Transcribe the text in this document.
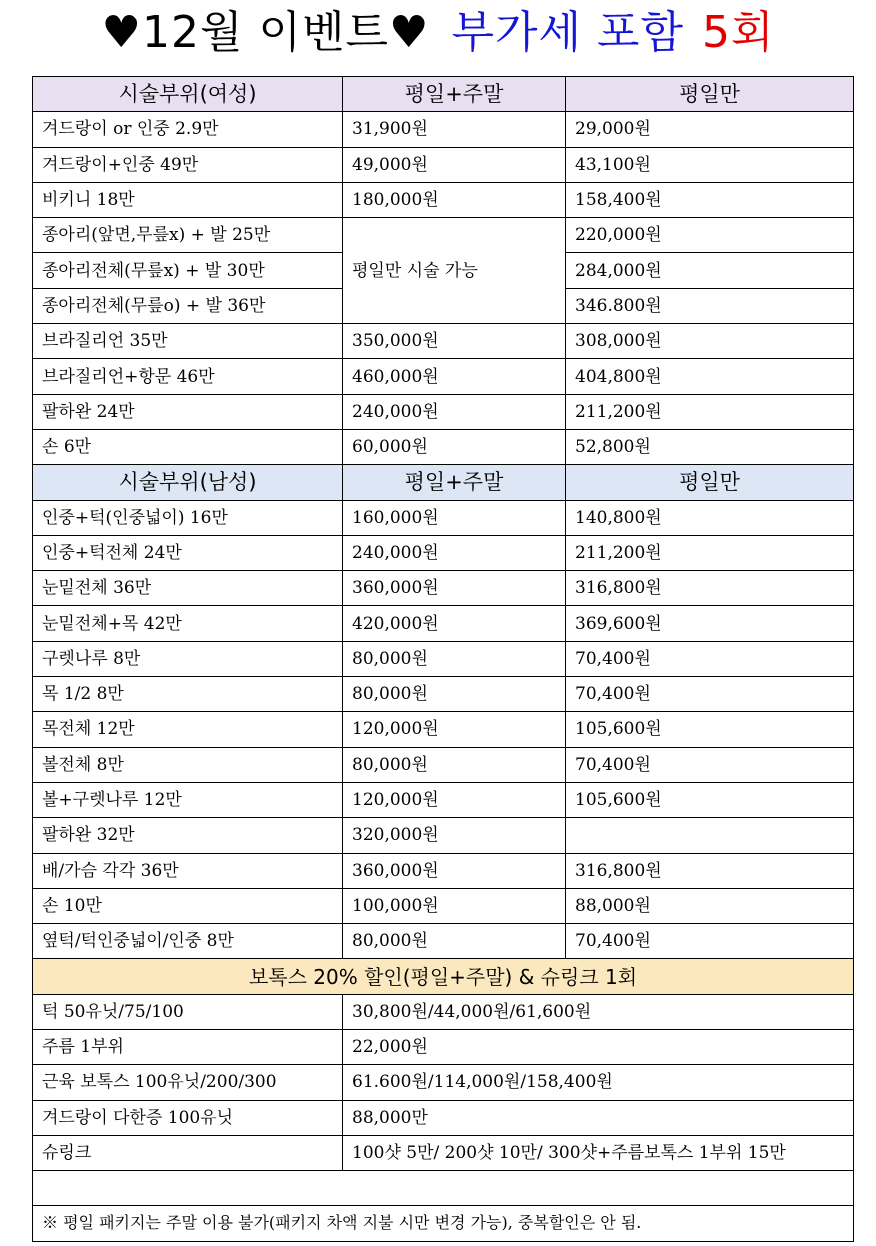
♥12월 이벤트♥ 부가세 포함 5회
시술부위(여성)	평일+주말	평일만
겨드랑이 or 인중 2.9만	31,900원	29,000원
겨드랑이+인중 49만	49,000원	43,100원
비키니 18만	180,000원	158,400원
종아리(앞면,무릎x) + 발 25만	평일만 시술 가능	220,000원
종아리전체(무릎x) + 발 30만		284,000원
종아리전체(무릎o) + 발 36만		346.800원
브라질리언 35만	350,000원	308,000원
브라질리언+항문 46만	460,000원	404,800원
팔하완 24만	240,000원	211,200원
손 6만	60,000원	52,800원
시술부위(남성)	평일+주말	평일만
인중+턱(인중넓이) 16만	160,000원	140,800원
인중+턱전체 24만	240,000원	211,200원
눈밑전체 36만	360,000원	316,800원
눈밑전체+목 42만	420,000원	369,600원
구렛나루 8만	80,000원	70,400원
목 1/2 8만	80,000원	70,400원
목전체 12만	120,000원	105,600원
볼전체 8만	80,000원	70,400원
볼+구렛나루 12만	120,000원	105,600원
팔하완 32만	320,000원	
배/가슴 각각 36만	360,000원	316,800원
손 10만	100,000원	88,000원
옆턱/턱인중넓이/인중 8만	80,000원	70,400원
보톡스 20% 할인(평일+주말) & 슈링크 1회		
턱 50유닛/75/100	30,800원/44,000원/61,600원	
주름 1부위	22,000원	
근육 보톡스 100유닛/200/300	61.600원/114,000원/158,400원	
겨드랑이 다한증 100유닛	88,000만	
슈링크	100샷 5만/ 200샷 10만/ 300샷+주름보톡스 1부위 15만	

※ 평일 패키지는 주말 이용 불가(패키지 차액 지불 시만 변경 가능), 중복할인은 안 됨.		
